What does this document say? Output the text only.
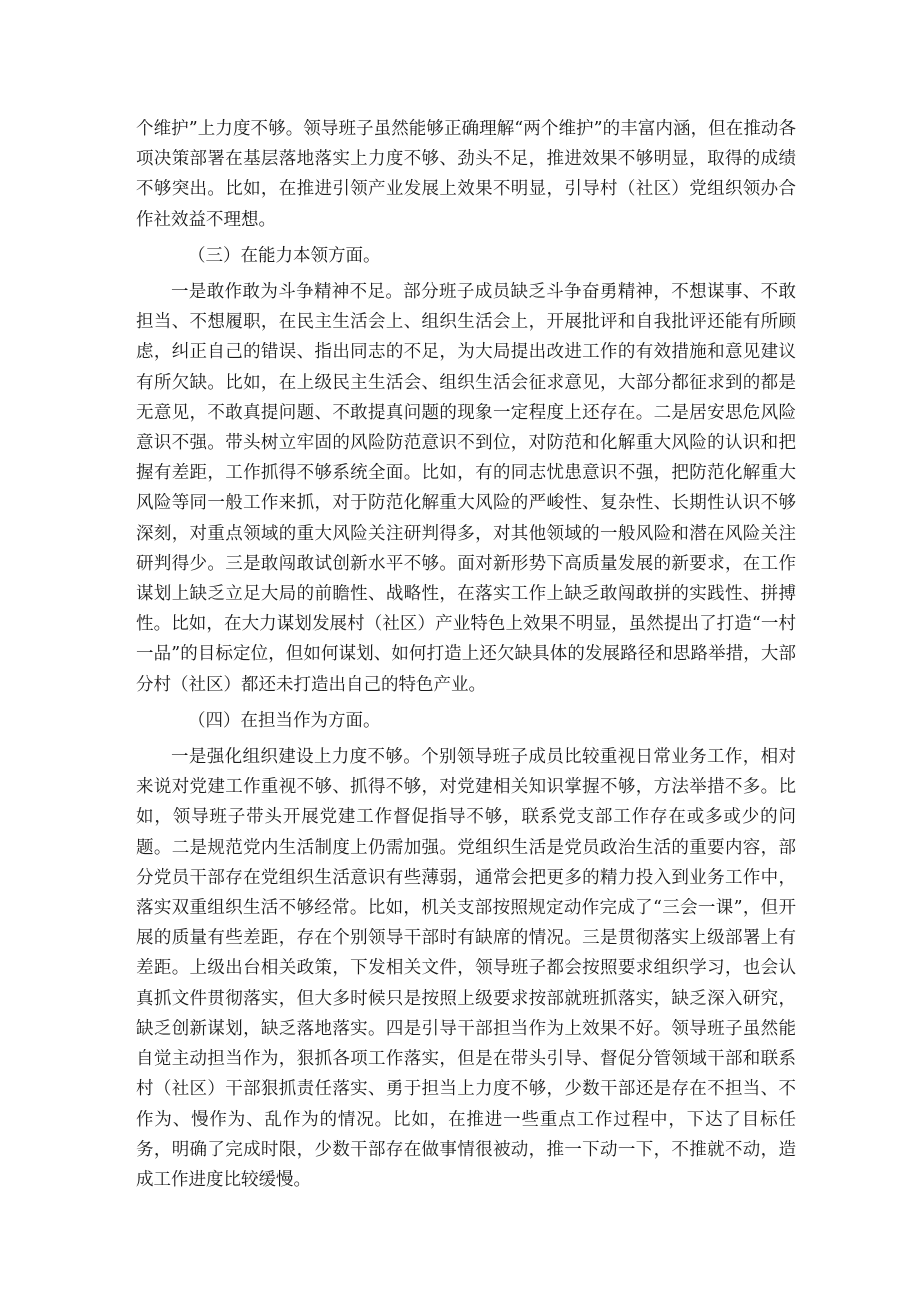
个维护”上力度不够。领导班子虽然能够正确理解“两个维护”的丰富内涵，但在推动各项决策部署在基层落地落实上力度不够、劲头不足，推进效果不够明显，取得的成绩不够突出。比如，在推进引领产业发展上效果不明显，引导村（社区）党组织领办合作社效益不理想。

（三）在能力本领方面。

一是敢作敢为斗争精神不足。部分班子成员缺乏斗争奋勇精神，不想谋事、不敢担当、不想履职，在民主生活会上、组织生活会上，开展批评和自我批评还能有所顾虑，纠正自己的错误、指出同志的不足，为大局提出改进工作的有效措施和意见建议有所欠缺。比如，在上级民主生活会、组织生活会征求意见，大部分都征求到的都是无意见，不敢真提问题、不敢提真问题的现象一定程度上还存在。二是居安思危风险意识不强。带头树立牢固的风险防范意识不到位，对防范和化解重大风险的认识和把握有差距，工作抓得不够系统全面。比如，有的同志忧患意识不强，把防范化解重大风险等同一般工作来抓，对于防范化解重大风险的严峻性、复杂性、长期性认识不够深刻，对重点领域的重大风险关注研判得多，对其他领域的一般风险和潜在风险关注研判得少。三是敢闯敢试创新水平不够。面对新形势下高质量发展的新要求，在工作谋划上缺乏立足大局的前瞻性、战略性，在落实工作上缺乏敢闯敢拼的实践性、拼搏性。比如，在大力谋划发展村（社区）产业特色上效果不明显，虽然提出了打造“一村一品”的目标定位，但如何谋划、如何打造上还欠缺具体的发展路径和思路举措，大部分村（社区）都还未打造出自己的特色产业。

（四）在担当作为方面。

一是强化组织建设上力度不够。个别领导班子成员比较重视日常业务工作，相对来说对党建工作重视不够、抓得不够，对党建相关知识掌握不够，方法举措不多。比如，领导班子带头开展党建工作督促指导不够，联系党支部工作存在或多或少的问题。二是规范党内生活制度上仍需加强。党组织生活是党员政治生活的重要内容，部分党员干部存在党组织生活意识有些薄弱，通常会把更多的精力投入到业务工作中，落实双重组织生活不够经常。比如，机关支部按照规定动作完成了“三会一课”，但开展的质量有些差距，存在个别领导干部时有缺席的情况。三是贯彻落实上级部署上有差距。上级出台相关政策，下发相关文件，领导班子都会按照要求组织学习，也会认真抓文件贯彻落实，但大多时候只是按照上级要求按部就班抓落实，缺乏深入研究，缺乏创新谋划，缺乏落地落实。四是引导干部担当作为上效果不好。领导班子虽然能自觉主动担当作为，狠抓各项工作落实，但是在带头引导、督促分管领域干部和联系村（社区）干部狠抓责任落实、勇于担当上力度不够，少数干部还是存在不担当、不作为、慢作为、乱作为的情况。比如，在推进一些重点工作过程中，下达了目标任务，明确了完成时限，少数干部存在做事情很被动，推一下动一下，不推就不动，造成工作进度比较缓慢。
